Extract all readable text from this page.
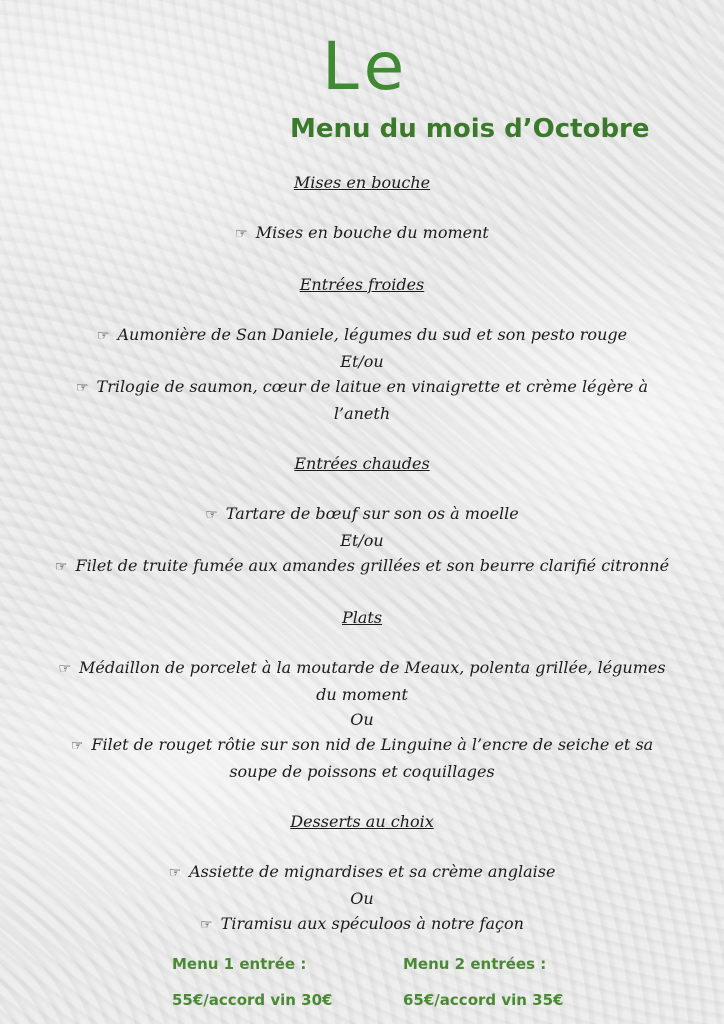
Le
Menu du mois d’Octobre

Mises en bouche

☞ Mises en bouche du moment

Entrées froides

☞ Aumonière de San Daniele, légumes du sud et son pesto rouge

Et/ou

☞ Trilogie de saumon, cœur de laitue en vinaigrette et crème légère à

l’aneth

Entrées chaudes

☞ Tartare de bœuf sur son os à moelle

Et/ou

☞ Filet de truite fumée aux amandes grillées et son beurre clarifié citronné

Plats

☞ Médaillon de porcelet à la moutarde de Meaux, polenta grillée, légumes

du moment

Ou

☞ Filet de rouget rôtie sur son nid de Linguine à l’encre de seiche et sa

soupe de poissons et coquillages

Desserts au choix

☞ Assiette de mignardises et sa crème anglaise

Ou

☞ Tiramisu aux spéculoos à notre façon

Menu 1 entrée :
55€/accord vin 30€
Menu 2 entrées :
65€/accord vin 35€
